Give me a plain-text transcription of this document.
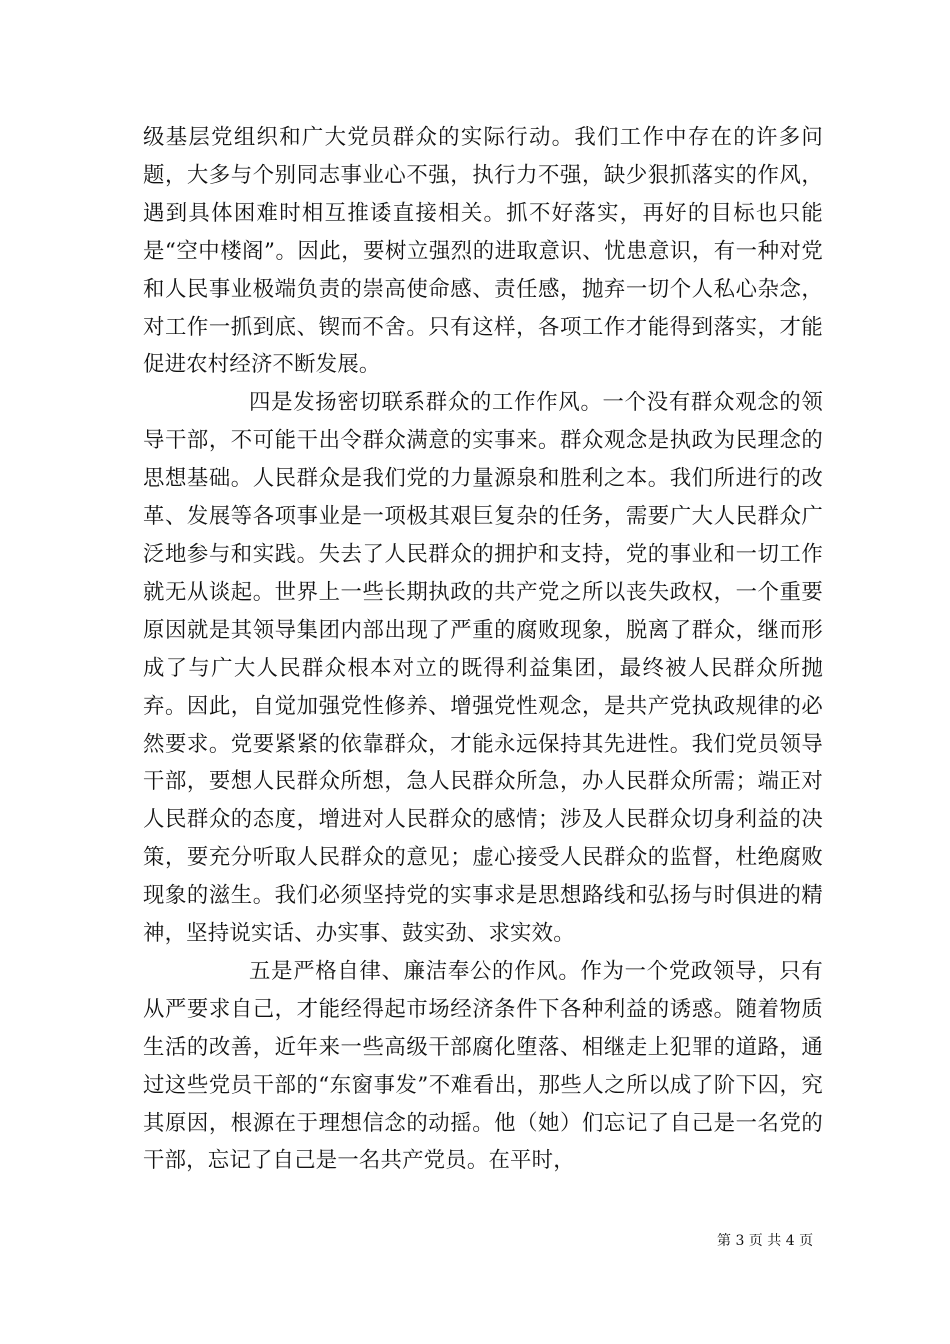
级基层党组织和广大党员群众的实际行动。我们工作中存在的许多问题，大多与个别同志事业心不强，执行力不强，缺少狠抓落实的作风，遇到具体困难时相互推诿直接相关。抓不好落实，再好的目标也只能是“空中楼阁”。因此，要树立强烈的进取意识、忧患意识，有一种对党和人民事业极端负责的崇高使命感、责任感，抛弃一切个人私心杂念，对工作一抓到底、锲而不舍。只有这样，各项工作才能得到落实，才能促进农村经济不断发展。

四是发扬密切联系群众的工作作风。一个没有群众观念的领导干部，不可能干出令群众满意的实事来。群众观念是执政为民理念的思想基础。人民群众是我们党的力量源泉和胜利之本。我们所进行的改革、发展等各项事业是一项极其艰巨复杂的任务，需要广大人民群众广泛地参与和实践。失去了人民群众的拥护和支持，党的事业和一切工作就无从谈起。世界上一些长期执政的共产党之所以丧失政权，一个重要原因就是其领导集团内部出现了严重的腐败现象，脱离了群众，继而形成了与广大人民群众根本对立的既得利益集团，最终被人民群众所抛弃。因此，自觉加强党性修养、增强党性观念，是共产党执政规律的必然要求。党要紧紧的依靠群众，才能永远保持其先进性。我们党员领导干部，要想人民群众所想，急人民群众所急，办人民群众所需；端正对人民群众的态度，增进对人民群众的感情；涉及人民群众切身利益的决策，要充分听取人民群众的意见；虚心接受人民群众的监督，杜绝腐败现象的滋生。我们必须坚持党的实事求是思想路线和弘扬与时俱进的精神，坚持说实话、办实事、鼓实劲、求实效。

五是严格自律、廉洁奉公的作风。作为一个党政领导，只有从严要求自己，才能经得起市场经济条件下各种利益的诱惑。随着物质生活的改善，近年来一些高级干部腐化堕落、相继走上犯罪的道路，通过这些党员干部的“东窗事发”不难看出，那些人之所以成了阶下囚，究其原因，根源在于理想信念的动摇。他（她）们忘记了自己是一名党的干部，忘记了自己是一名共产党员。在平时，

第 3 页 共 4 页
